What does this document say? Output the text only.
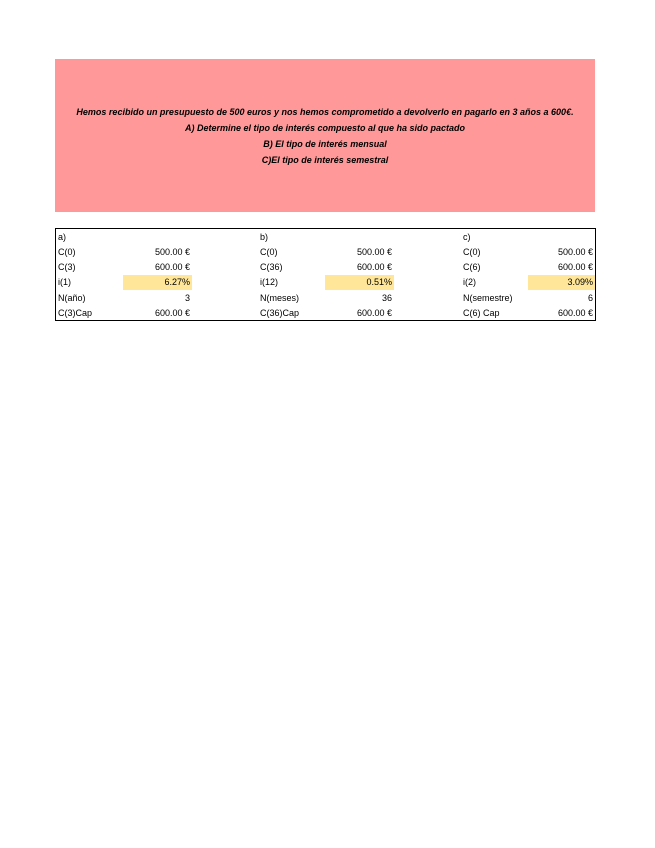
Hemos recibido un presupuesto de 500 euros y nos hemos comprometido a devolverlo en pagarlo en 3 años a 600€.
A) Determine el tipo de interés compuesto al que ha sido pactado
B) El tipo de interés mensual
C)El tipo de interés semestral
a)
C(0)	500.00 €
C(3)	600.00 €
i(1)	6.27%
N(año)	3
C(3)Cap	600.00 €
b)
C(0)	500.00 €
C(36)	600.00 €
i(12)	0.51%
N(meses)	36
C(36)Cap	600.00 €
c)
C(0)	500.00 €
C(6)	600.00 €
i(2)	3.09%
N(semestre)	6
C(6) Cap	600.00 €
